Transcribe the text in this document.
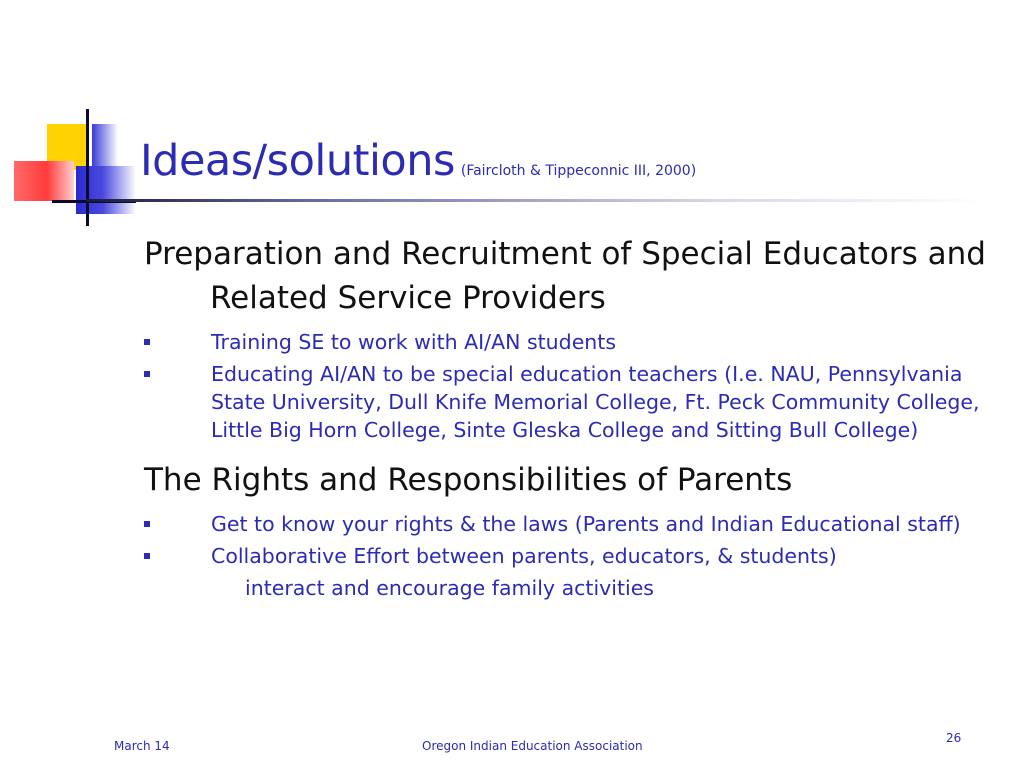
Ideas/solutions (Faircloth & Tippeconnic III, 2000)

Preparation and Recruitment of Special Educators and Related Service Providers

Training SE to work with AI/AN students
Educating AI/AN to be special education teachers (I.e. NAU, Pennsylvania State University, Dull Knife Memorial College, Ft. Peck Community College, Little Big Horn College, Sinte Gleska College and Sitting Bull College)

The Rights and Responsibilities of Parents

Get to know your rights & the laws (Parents and Indian Educational staff)
Collaborative Effort between parents, educators, & students)
interact and encourage family activities
March 14	Oregon Indian Education Association
26
